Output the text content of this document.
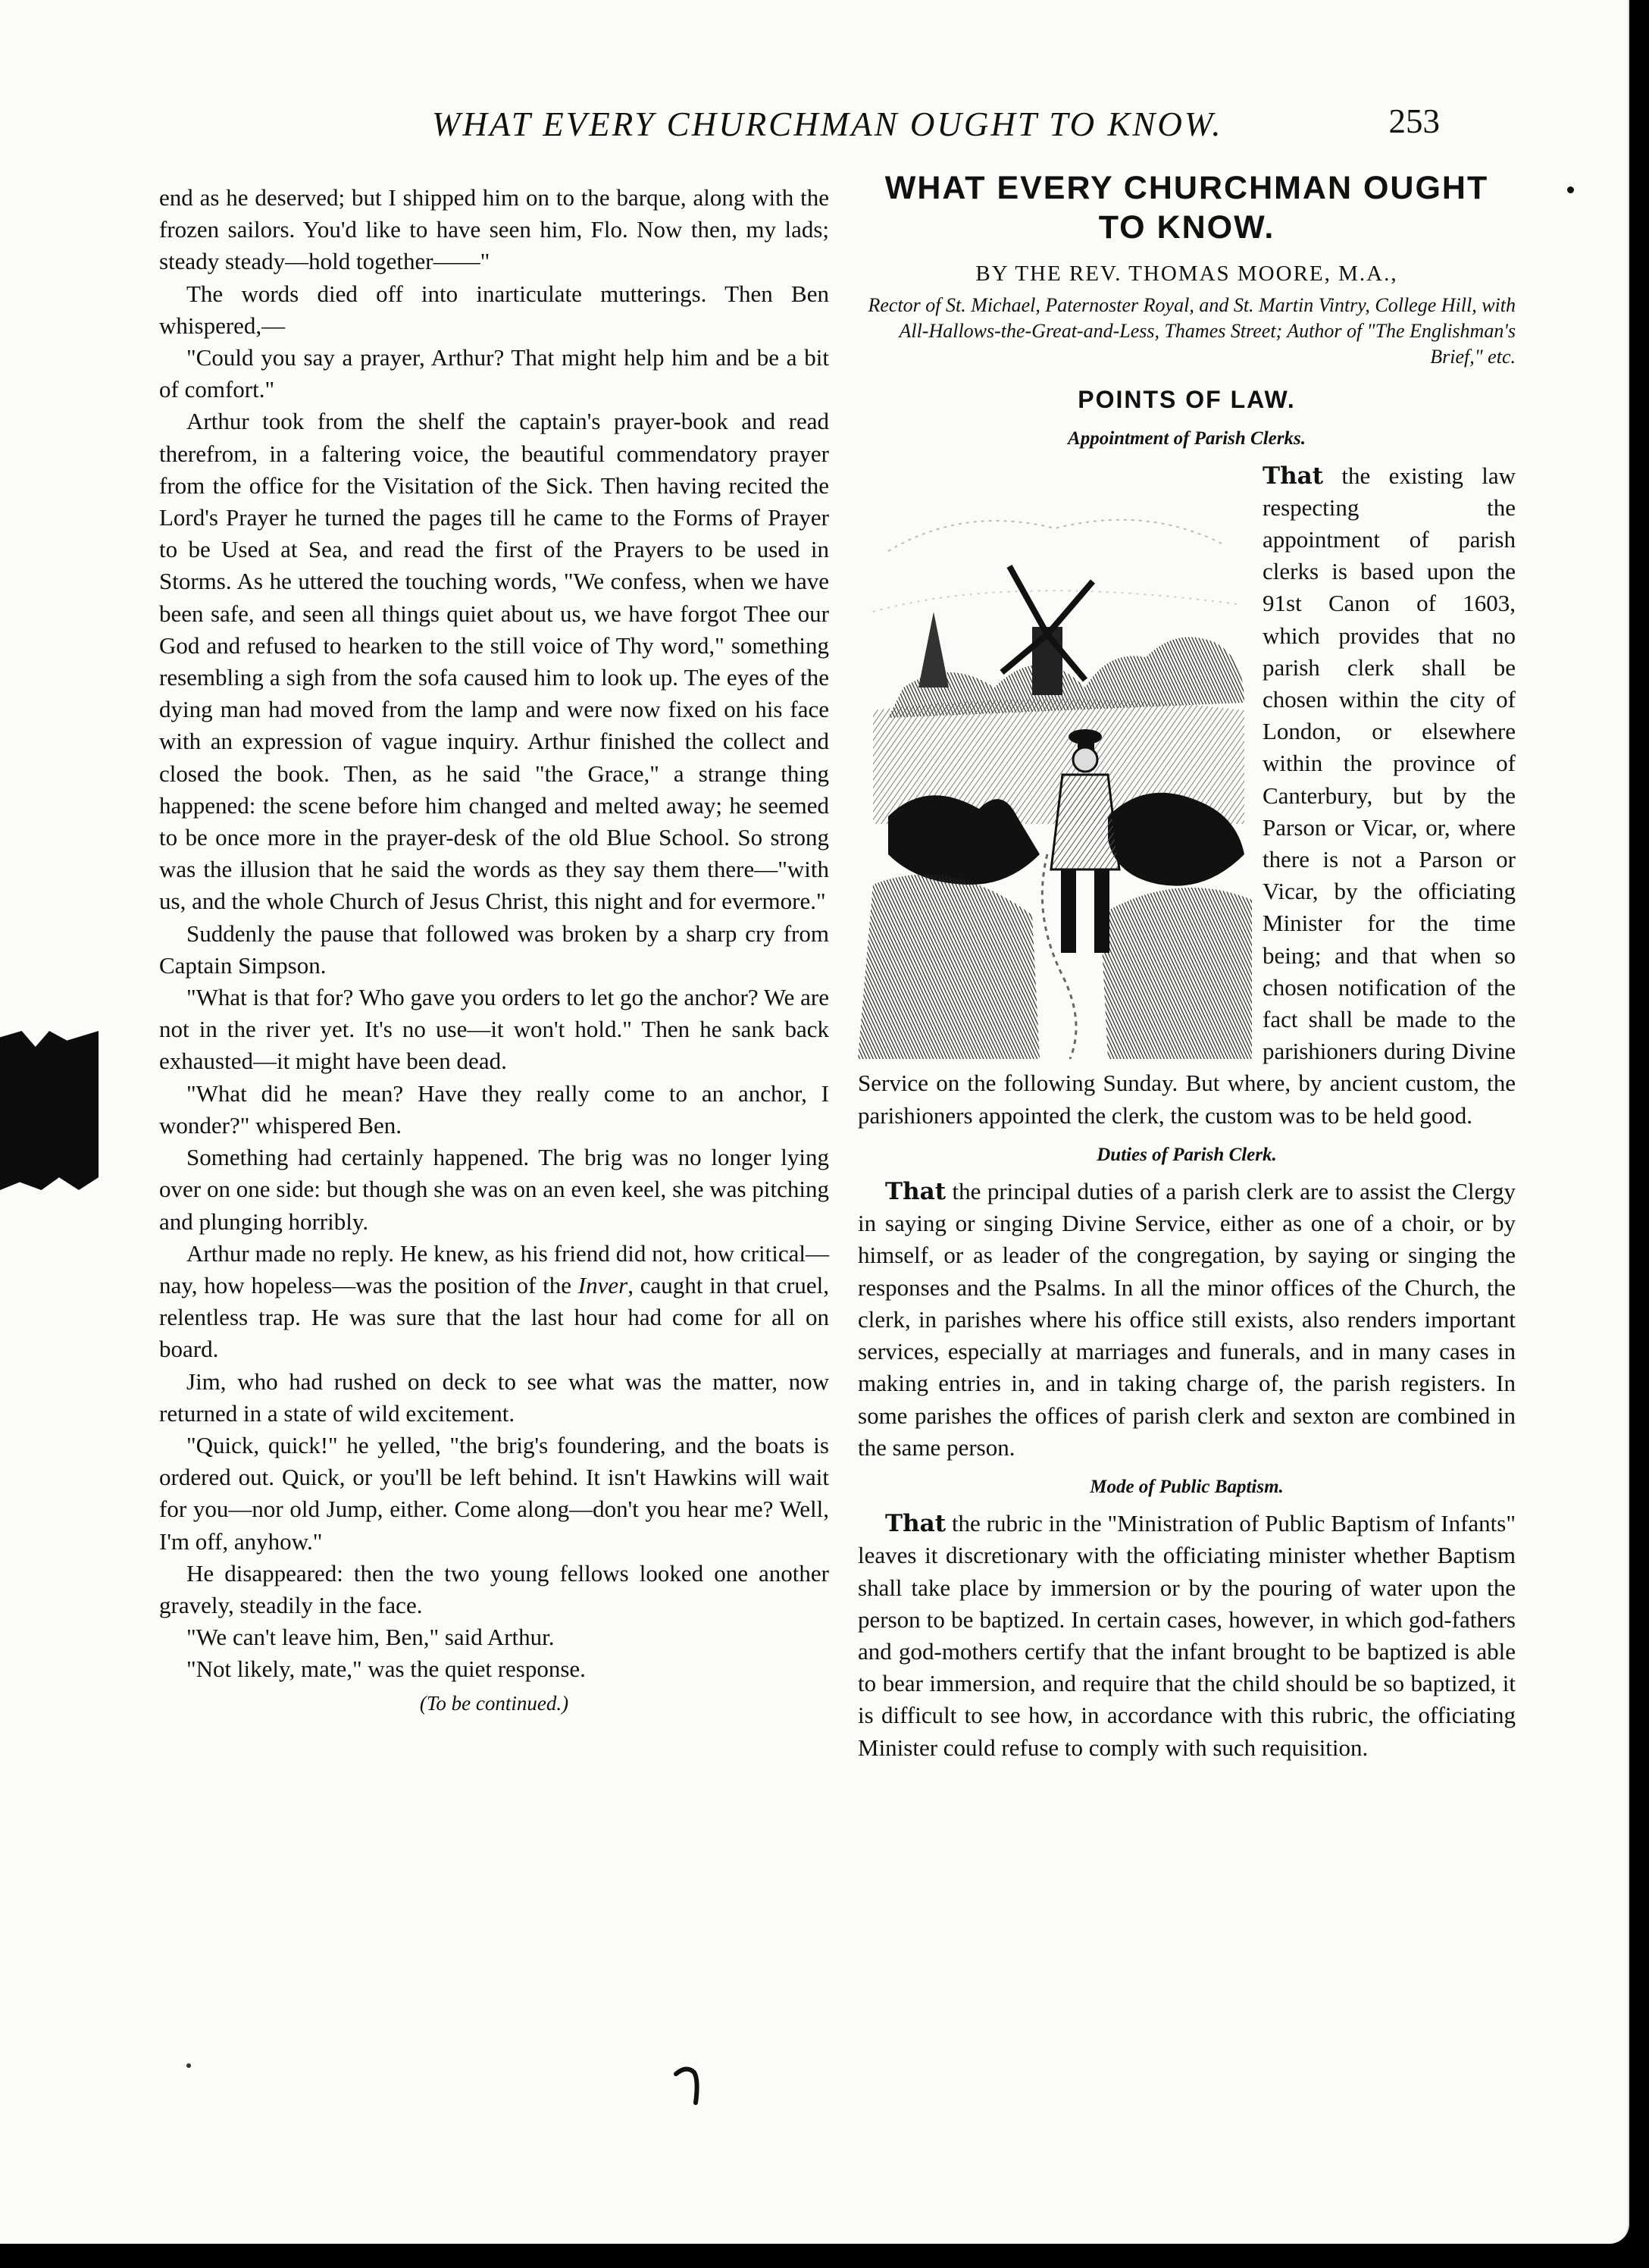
WHAT EVERY CHURCHMAN OUGHT TO KNOW.	253

end as he deserved; but I shipped him on to the barque, along with the frozen sailors. You'd like to have seen him, Flo. Now then, my lads; steady steady—hold together——"

The words died off into inarticulate mutterings. Then Ben whispered,—

"Could you say a prayer, Arthur? That might help him and be a bit of comfort."

Arthur took from the shelf the captain's prayer-book and read therefrom, in a faltering voice, the beautiful commendatory prayer from the office for the Visitation of the Sick. Then having recited the Lord's Prayer he turned the pages till he came to the Forms of Prayer to be Used at Sea, and read the first of the Prayers to be used in Storms. As he uttered the touching words, "We confess, when we have been safe, and seen all things quiet about us, we have forgot Thee our God and refused to hearken to the still voice of Thy word," something resembling a sigh from the sofa caused him to look up. The eyes of the dying man had moved from the lamp and were now fixed on his face with an expression of vague inquiry. Arthur finished the collect and closed the book. Then, as he said "the Grace," a strange thing happened: the scene before him changed and melted away; he seemed to be once more in the prayer-desk of the old Blue School. So strong was the illusion that he said the words as they say them there—"with us, and the whole Church of Jesus Christ, this night and for evermore."

Suddenly the pause that followed was broken by a sharp cry from Captain Simpson.

"What is that for? Who gave you orders to let go the anchor? We are not in the river yet. It's no use—it won't hold." Then he sank back exhausted—it might have been dead.

"What did he mean? Have they really come to an anchor, I wonder?" whispered Ben.

Something had certainly happened. The brig was no longer lying over on one side: but though she was on an even keel, she was pitching and plunging horribly.

Arthur made no reply. He knew, as his friend did not, how critical—nay, how hopeless—was the position of the Inver, caught in that cruel, relentless trap. He was sure that the last hour had come for all on board.

Jim, who had rushed on deck to see what was the matter, now returned in a state of wild excitement.

"Quick, quick!" he yelled, "the brig's foundering, and the boats is ordered out. Quick, or you'll be left behind. It isn't Hawkins will wait for you—nor old Jump, either. Come along—don't you hear me? Well, I'm off, anyhow."

He disappeared: then the two young fellows looked one another gravely, steadily in the face.

"We can't leave him, Ben," said Arthur.

"Not likely, mate," was the quiet response.

(To be continued.)
WHAT EVERY CHURCHMAN OUGHT TO KNOW.
BY THE REV. THOMAS MOORE, M.A.,
Rector of St. Michael, Paternoster Royal, and St. Martin Vintry, College Hill, with All-Hallows-the-Great-and-Less, Thames Street; Author of "The Englishman's Brief," etc.
POINTS OF LAW.
Appointment of Parish Clerks.
That the existing law respecting the appointment of parish clerks is based upon the 91st Canon of 1603, which provides that no parish clerk shall be chosen within the city of London, or elsewhere within the province of Canterbury, but by the Parson or Vicar, or, where there is not a Parson or Vicar, by the officiating Minister for the time being; and that when so chosen notification of the fact shall be made to the parishioners during Divine Service on the following Sunday. But where, by ancient custom, the parishioners appointed the clerk, the custom was to be held good.
Duties of Parish Clerk.
That the principal duties of a parish clerk are to assist the Clergy in saying or singing Divine Service, either as one of a choir, or by himself, or as leader of the congregation, by saying or singing the responses and the Psalms. In all the minor offices of the Church, the clerk, in parishes where his office still exists, also renders important services, especially at marriages and funerals, and in many cases in making entries in, and in taking charge of, the parish registers. In some parishes the offices of parish clerk and sexton are combined in the same person.
Mode of Public Baptism.
That the rubric in the "Ministration of Public Baptism of Infants" leaves it discretionary with the officiating minister whether Baptism shall take place by immersion or by the pouring of water upon the person to be baptized. In certain cases, however, in which god-fathers and god-mothers certify that the infant brought to be baptized is able to bear immersion, and require that the child should be so baptized, it is difficult to see how, in accordance with this rubric, the officiating Minister could refuse to comply with such requisition.
